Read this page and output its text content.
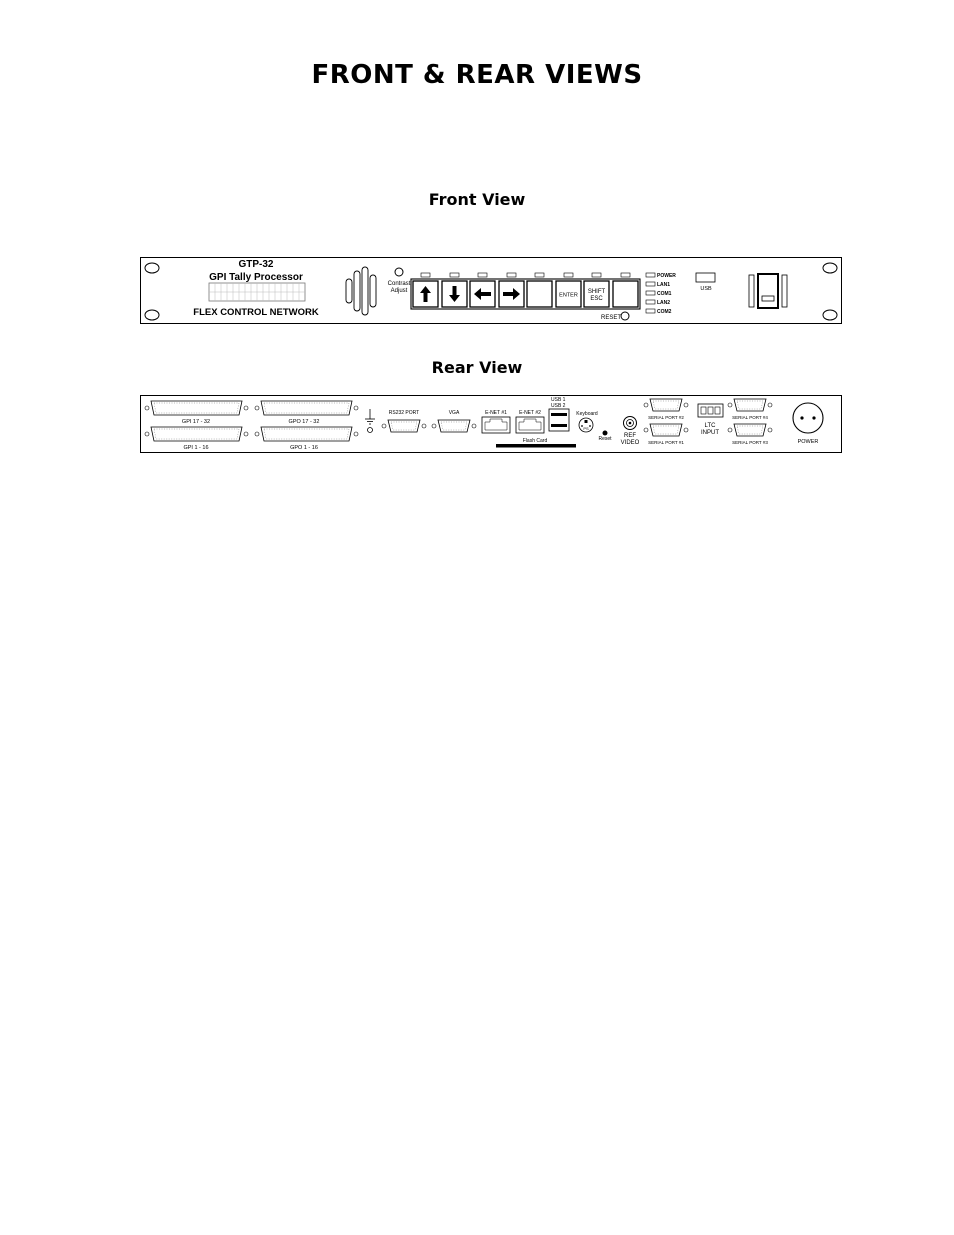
FRONT & REAR VIEWS
Front View
Rear View
GTP-32
GPI Tally Processor
FLEX CONTROL NETWORK
Contrast
Adjust
ENTER
SHIFT
ESC
POWER
LAN1
COM1
LAN2
COM2
RESET
USB
GPI 17 - 32	GPO 17 - 32
GPI 1 - 16	GPO 1 - 16
RS232 PORT	VGA	E-NET #1 E-NET #2
USB 1
USB 2
Flash Card
Keyboard
PS
Reset REF
VIDEO
SERIAL PORT #2
SERIAL PORT #1
LTC
INPUT
SERIAL PORT #4
SERIAL PORT #3	POWER
